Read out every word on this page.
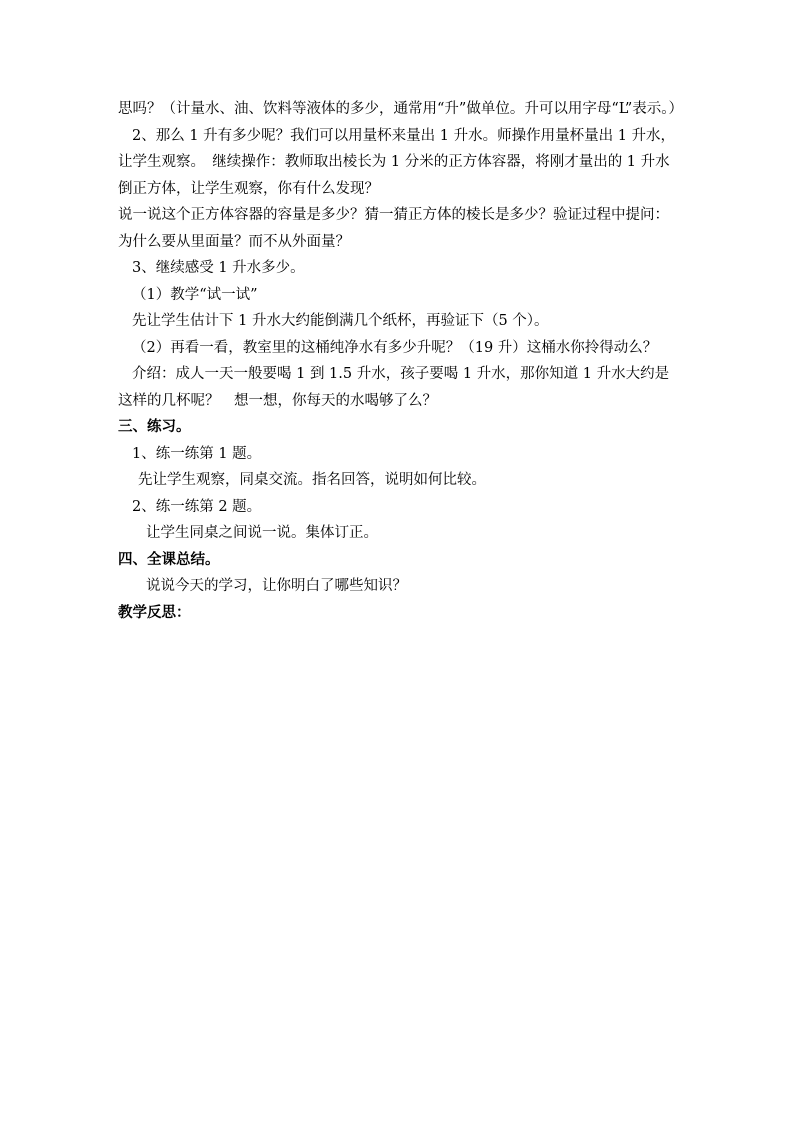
思吗？（计量水、油、饮料等液体的多少，通常用“升”做单位。升可以用字母“L”表示。）

2、那么 1 升有多少呢？我们可以用量杯来量出 1 升水。师操作用量杯量出 1 升水，让学生观察。　继续操作：教师取出棱长为 1 分米的正方体容器，将刚才量出的 1 升水倒正方体，让学生观察，你有什么发现？

说一说这个正方体容器的容量是多少？猜一猜正方体的棱长是多少？验证过程中提问：为什么要从里面量？而不从外面量？

3、继续感受 1 升水多少。

（1）教学“试一试”

先让学生估计下 1 升水大约能倒满几个纸杯，再验证下（5 个）。

（2）再看一看，教室里的这桶纯净水有多少升呢？（19 升）这桶水你拎得动么？

介绍：成人一天一般要喝 1 到 1.5 升水，孩子要喝 1 升水，那你知道 1 升水大约是这样的几杯呢？　想一想，你每天的水喝够了么？

三、练习。

1、练一练第 1 题。

先让学生观察，同桌交流。指名回答，说明如何比较。

2、练一练第 2 题。

让学生同桌之间说一说。集体订正。

四、全课总结。

说说今天的学习，让你明白了哪些知识？

教学反思：
